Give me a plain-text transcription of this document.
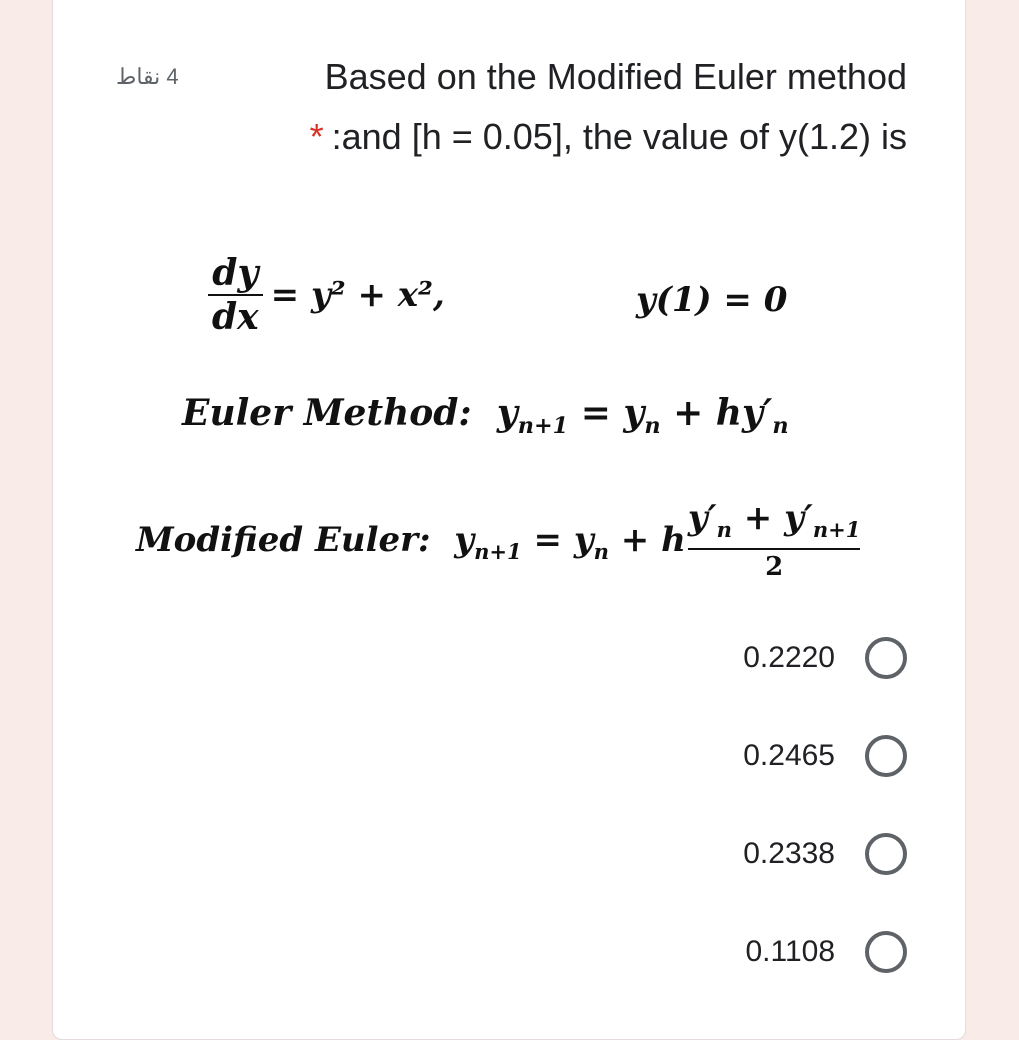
4 نقاط	Based on the Modified Euler method
* :and [h = 0.05], the value of y(1.2) is
$\frac{dy}{dx} = y^2 + x^2$,	y(1) = 0
Euler Method:  $y_{n+1} = y_n + hy'_n$
Modified Euler:  $y_{n+1} = y_n + h \frac{y'_n + y'_{n+1}}{2}$
0.2220
0.2465
0.2338
0.1108
